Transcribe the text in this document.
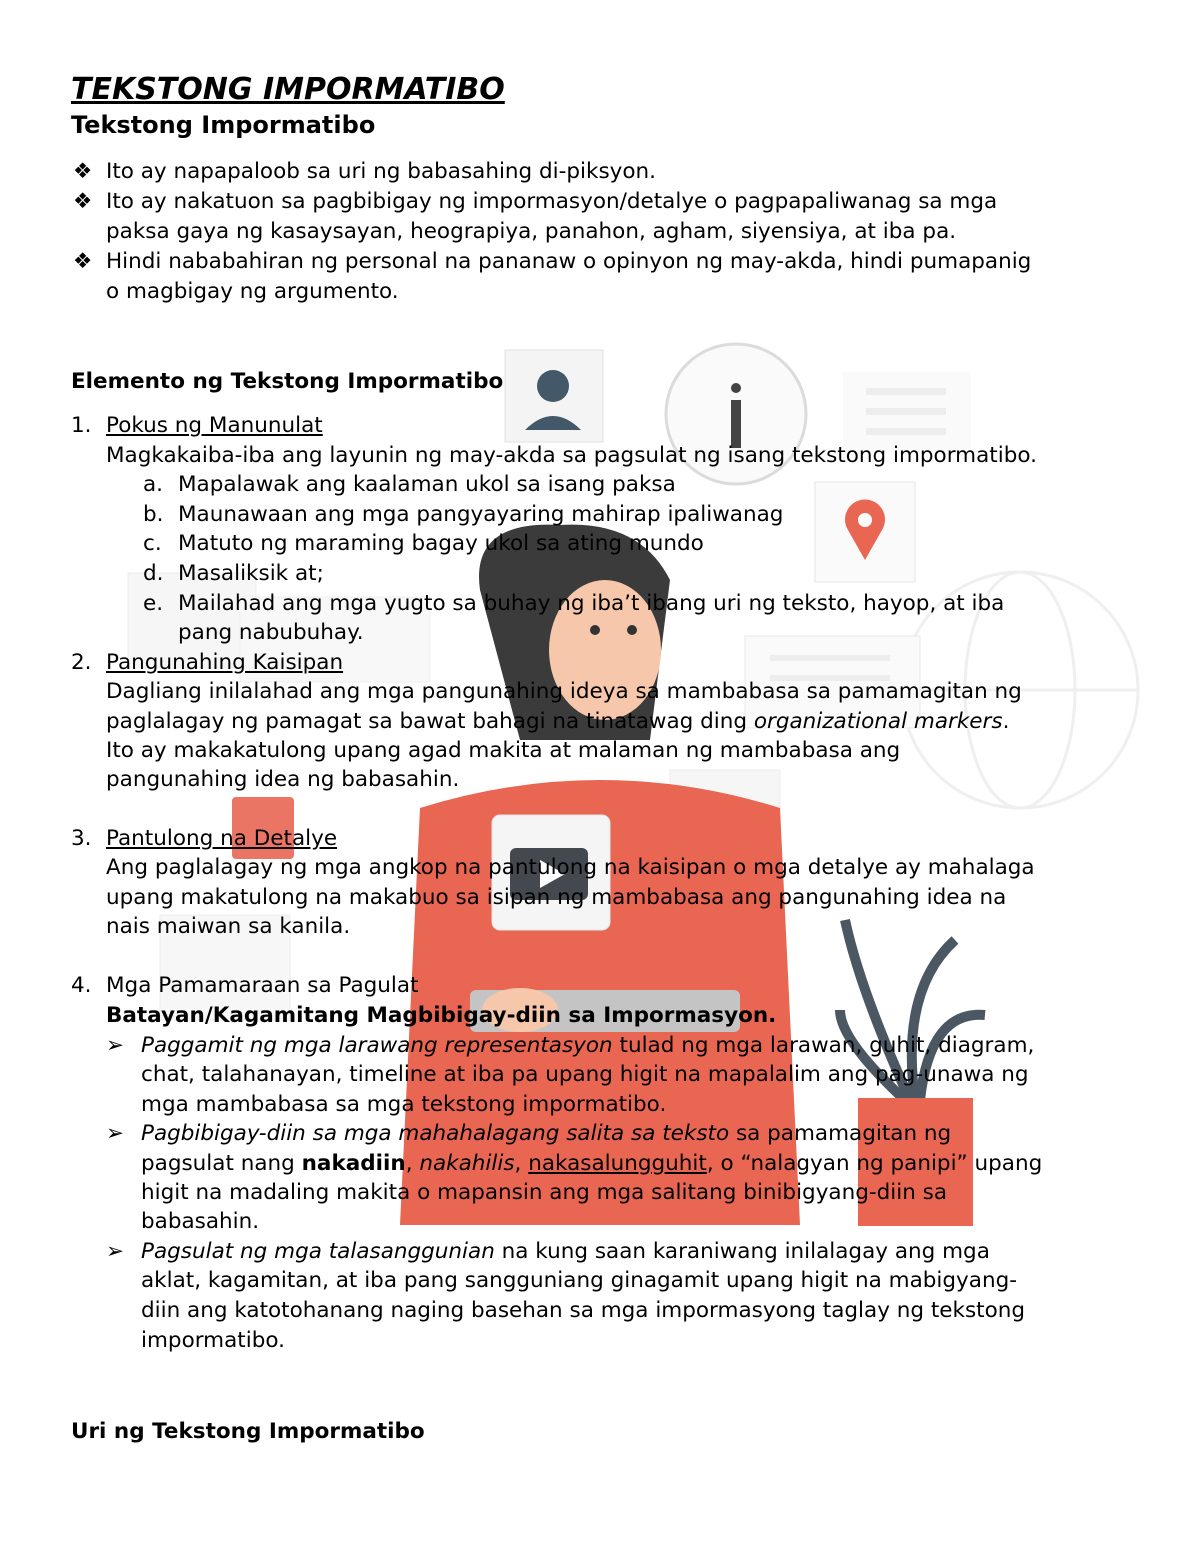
TEKSTONG IMPORMATIBO
Tekstong Impormatibo
❖ Ito ay napapaloob sa uri ng babasahing di-piksyon.
❖ Ito ay nakatuon sa pagbibigay ng impormasyon/detalye o pagpapaliwanag sa mga
paksa gaya ng kasaysayan, heograpiya, panahon, agham, siyensiya, at iba pa.
❖ Hindi nababahiran ng personal na pananaw o opinyon ng may-akda, hindi pumapanig
o magbigay ng argumento.
Elemento ng Tekstong Impormatibo
1. Pokus ng Manunulat
Magkakaiba-iba ang layunin ng may-akda sa pagsulat ng isang tekstong impormatibo.
a. Mapalawak ang kaalaman ukol sa isang paksa
b. Maunawaan ang mga pangyayaring mahirap ipaliwanag
c. Matuto ng maraming bagay ukol sa ating mundo
d. Masaliksik at;
e. Mailahad ang mga yugto sa buhay ng iba’t ibang uri ng teksto, hayop, at iba
pang nabubuhay.
2. Pangunahing Kaisipan
Dagliang inilalahad ang mga pangunahing ideya sa mambabasa sa pamamagitan ng
paglalagay ng pamagat sa bawat bahagi na tinatawag ding organizational markers.
Ito ay makakatulong upang agad makita at malaman ng mambabasa ang
pangunahing idea ng babasahin.
3. Pantulong na Detalye
Ang paglalagay ng mga angkop na pantulong na kaisipan o mga detalye ay mahalaga
upang makatulong na makabuo sa isipan ng mambabasa ang pangunahing idea na
nais maiwan sa kanila.
4. Mga Pamamaraan sa Pagulat
Batayan/Kagamitang Magbibigay-diin sa Impormasyon.
➢ Paggamit ng mga larawang representasyon tulad ng mga larawan, guhit, diagram,
chat, talahanayan, timeline at iba pa upang higit na mapalalim ang pag-unawa ng
mga mambabasa sa mga tekstong impormatibo.
➢ Pagbibigay-diin sa mga mahahalagang salita sa teksto sa pamamagitan ng
pagsulat nang nakadiin, nakahilis, nakasalungguhit, o “nalagyan ng panipi” upang
higit na madaling makita o mapansin ang mga salitang binibigyang-diin sa
babasahin.
➢ Pagsulat ng mga talasanggunian na kung saan karaniwang inilalagay ang mga
aklat, kagamitan, at iba pang sangguniang ginagamit upang higit na mabigyang-
diin ang katotohanang naging basehan sa mga impormasyong taglay ng tekstong
impormatibo.
Uri ng Tekstong Impormatibo
